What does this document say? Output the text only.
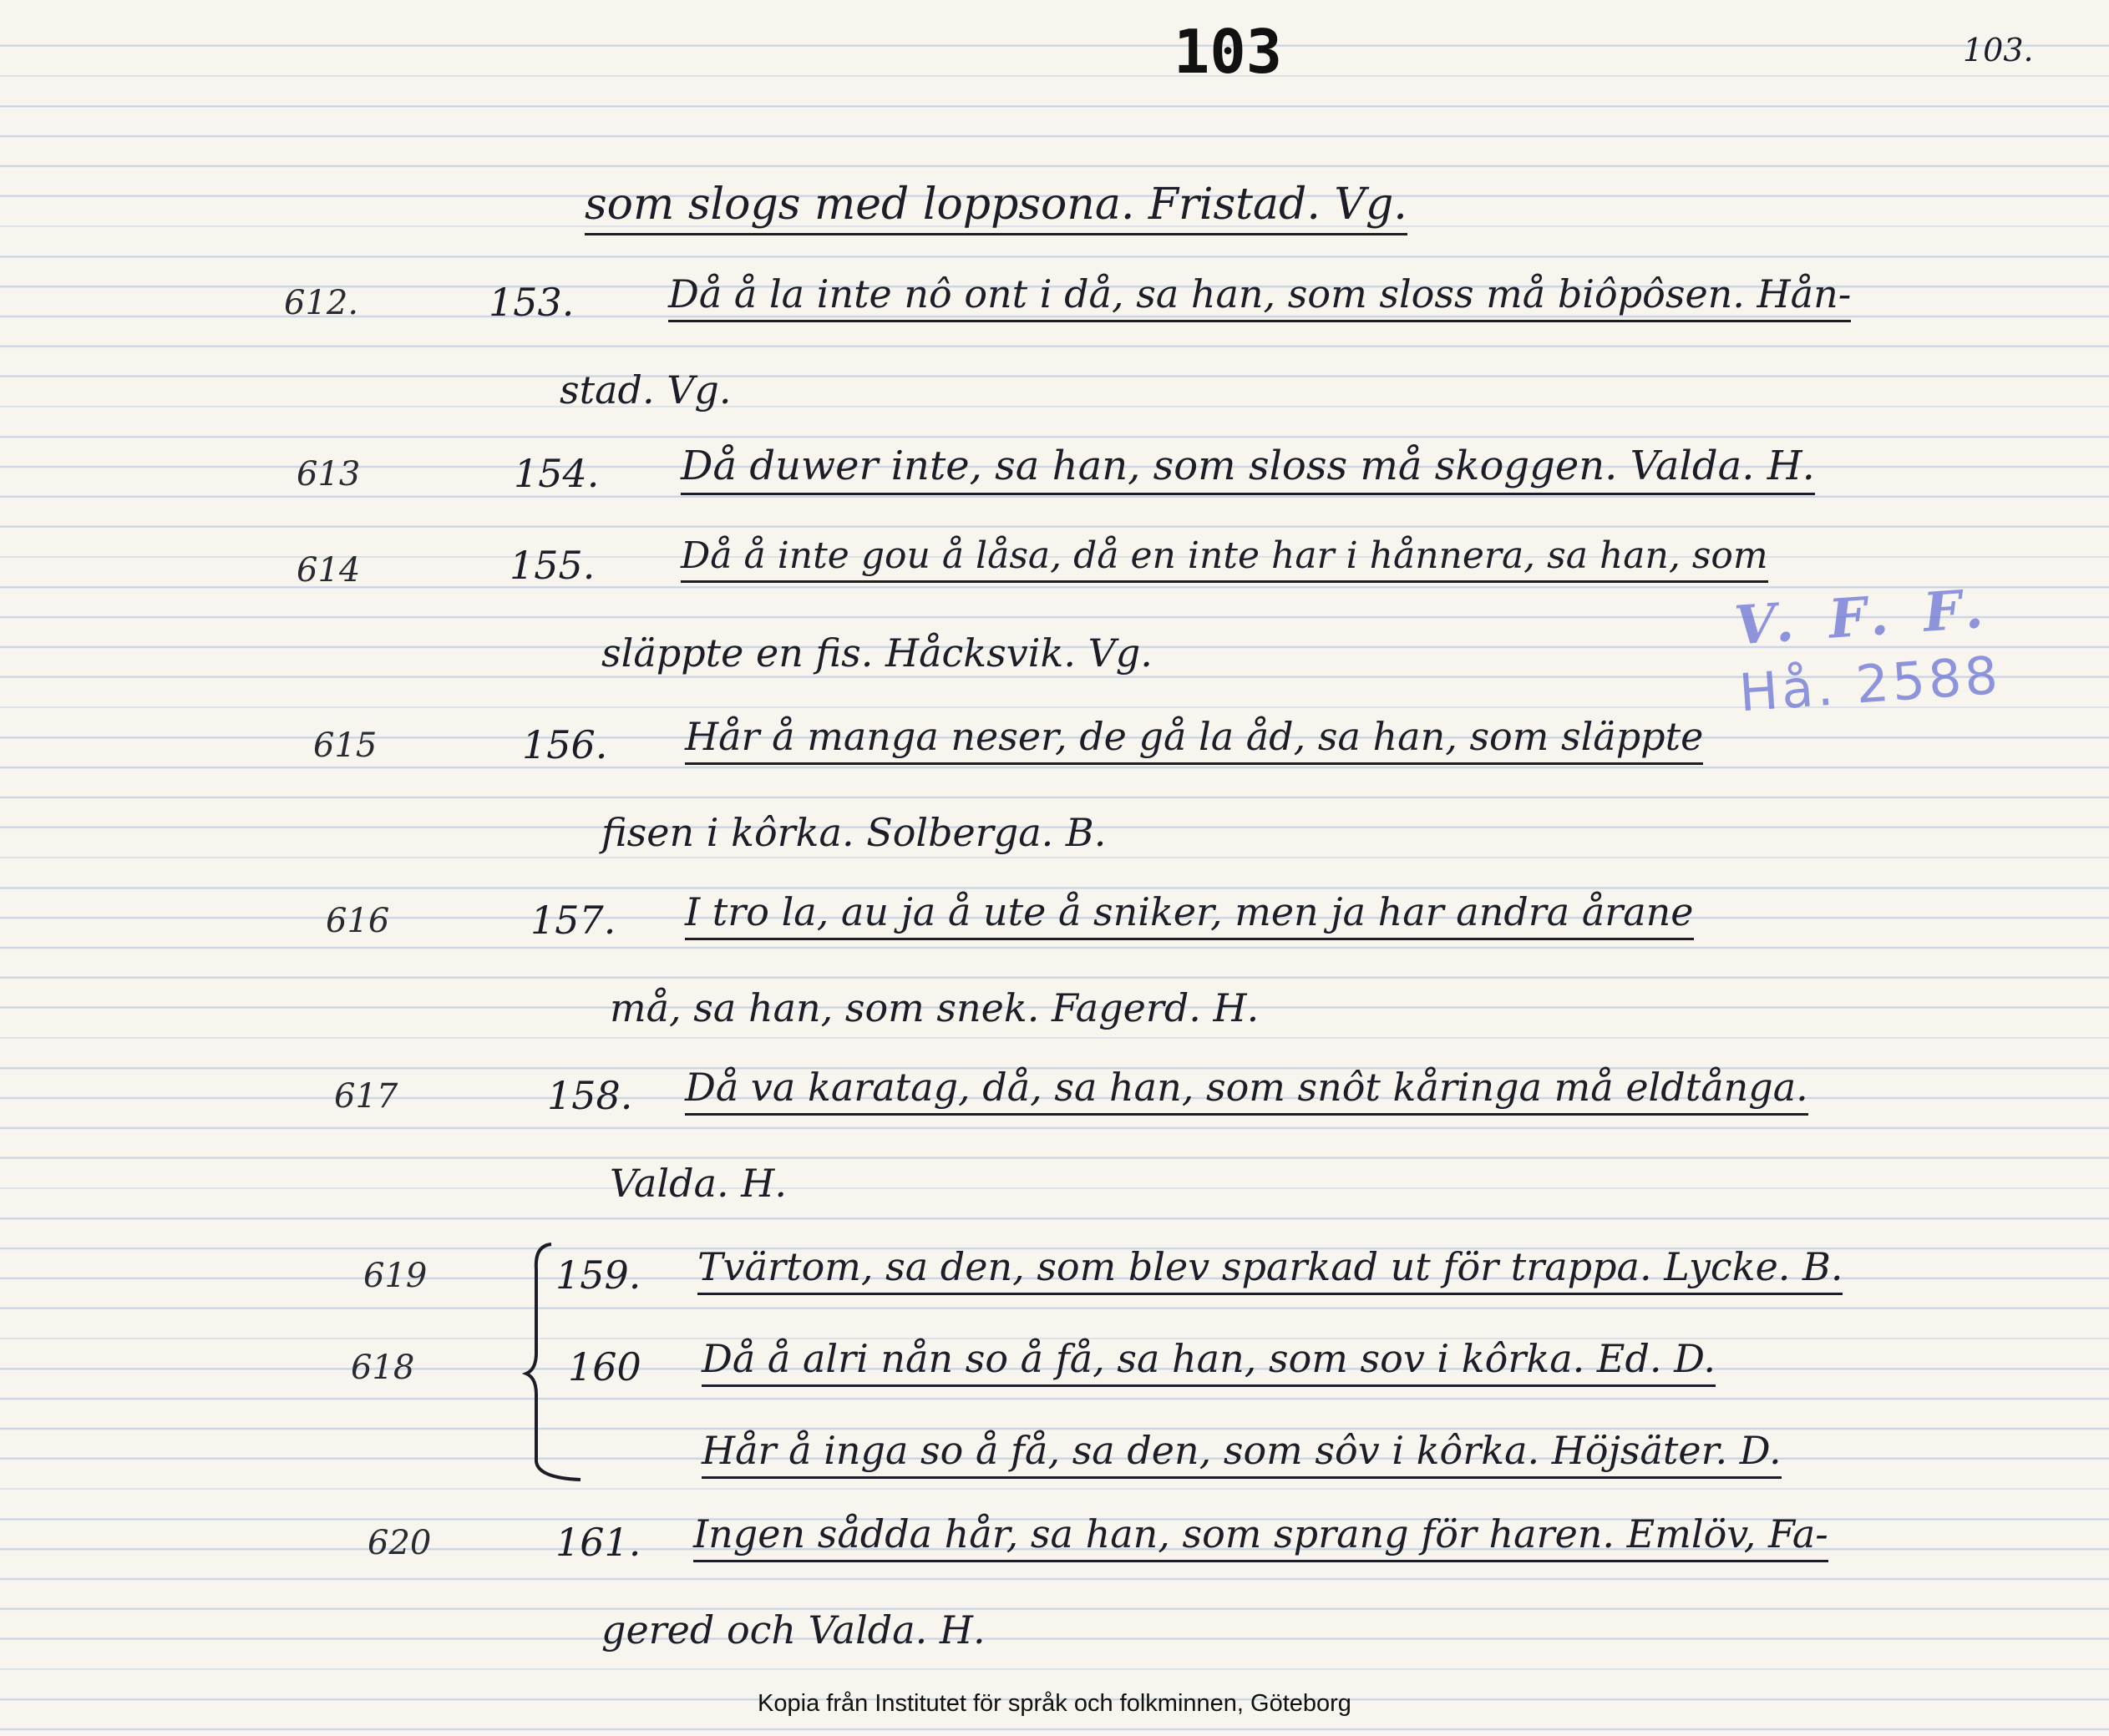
103	103.
som slogs med loppsona. Fristad. Vg.
612.	153. Då å la inte nô ont i då, sa han, som sloss må biôpôsen. Hån-
stad. Vg.
613	154. Då duwer inte, sa han, som sloss må skoggen. Valda. H.
614	155. Då å inte gou å låsa, då en inte har i hånnera, sa han, som
släppte en fis. Håcksvik. Vg.
615	156. Hår å manga neser, de gå la åd, sa han, som släppte
fisen i kôrka. Solberga. B.
616	157. I tro la, au ja å ute å sniker, men ja har andra årane
må, sa han, som snek. Fagerd. H.
617	158. Då va karatag, då, sa han, som snôt kåringa må eldtånga.
Valda. H.
619	159. Tvärtom, sa den, som blev sparkad ut för trappa. Lycke. B.
618	160 Då å alri nån so å få, sa han, som sov i kôrka. Ed. D.
Hår å inga so å få, sa den, som sôv i kôrka. Höjsäter. D.
620	161. Ingen sådda hår, sa han, som sprang för haren. Emlöv, Fa-
gered och Valda. H.
V. F. F.
Hå. 2588
Kopia från Institutet för språk och folkminnen, Göteborg
